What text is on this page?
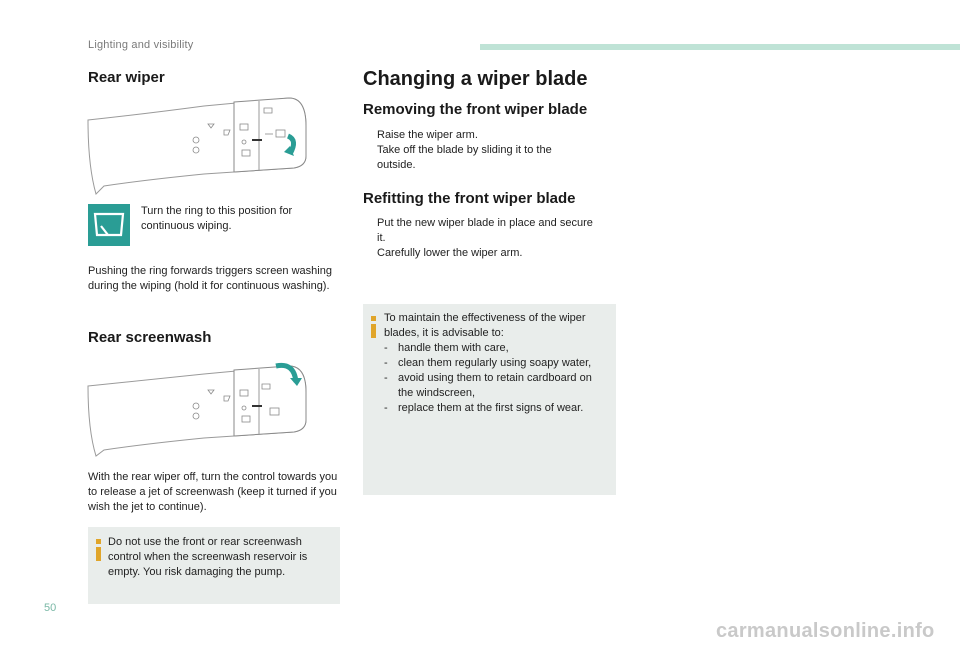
Lighting and visibility
Rear wiper
Turn the ring to this position for continuous wiping.
Pushing the ring forwards triggers screen washing during the wiping (hold it for continuous washing).
Rear screenwash
With the rear wiper off, turn the control towards you to release a jet of screenwash (keep it turned if you wish the jet to continue).
Do not use the front or rear screenwash control when the screenwash reservoir is empty. You risk damaging the pump.
Changing a wiper blade
Removing the front wiper blade
Raise the wiper arm.
Take off the blade by sliding it to the outside.
Refitting the front wiper blade
Put the new wiper blade in place and secure it.
Carefully lower the wiper arm.
To maintain the effectiveness of the wiper blades, it is advisable to:
- handle them with care,
- clean them regularly using soapy water,
- avoid using them to retain cardboard on the windscreen,
- replace them at the first signs of wear.
50
carmanualsonline.info
